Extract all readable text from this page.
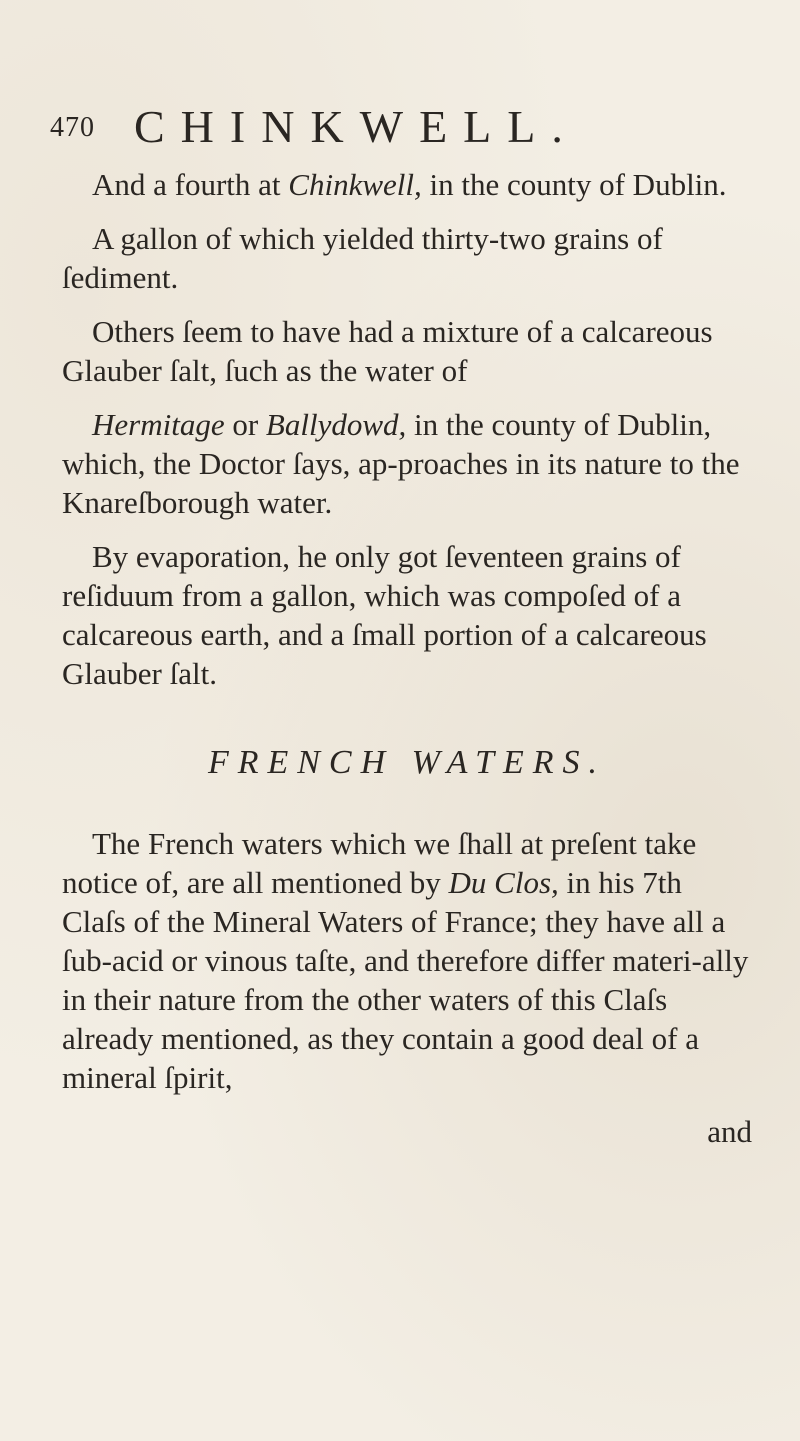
470 CHINKWELL.

And a fourth at Chinkwell, in the county of Dublin.

A gallon of which yielded thirty-two grains of ſediment.

Others ſeem to have had a mixture of a calcareous Glauber ſalt, ſuch as the water of

Hermitage or Ballydowd, in the county of Dublin, which, the Doctor ſays, ap-proaches in its nature to the Knareſborough water.

By evaporation, he only got ſeventeen grains of reſiduum from a gallon, which was compoſed of a calcareous earth, and a ſmall portion of a calcareous Glauber ſalt.

FRENCH WATERS.

The French waters which we ſhall at preſent take notice of, are all mentioned by Du Clos, in his 7th Claſs of the Mineral Waters of France; they have all a ſub-acid or vinous taſte, and therefore differ materi-ally in their nature from the other waters of this Claſs already mentioned, as they contain a good deal of a mineral ſpirit,

and
